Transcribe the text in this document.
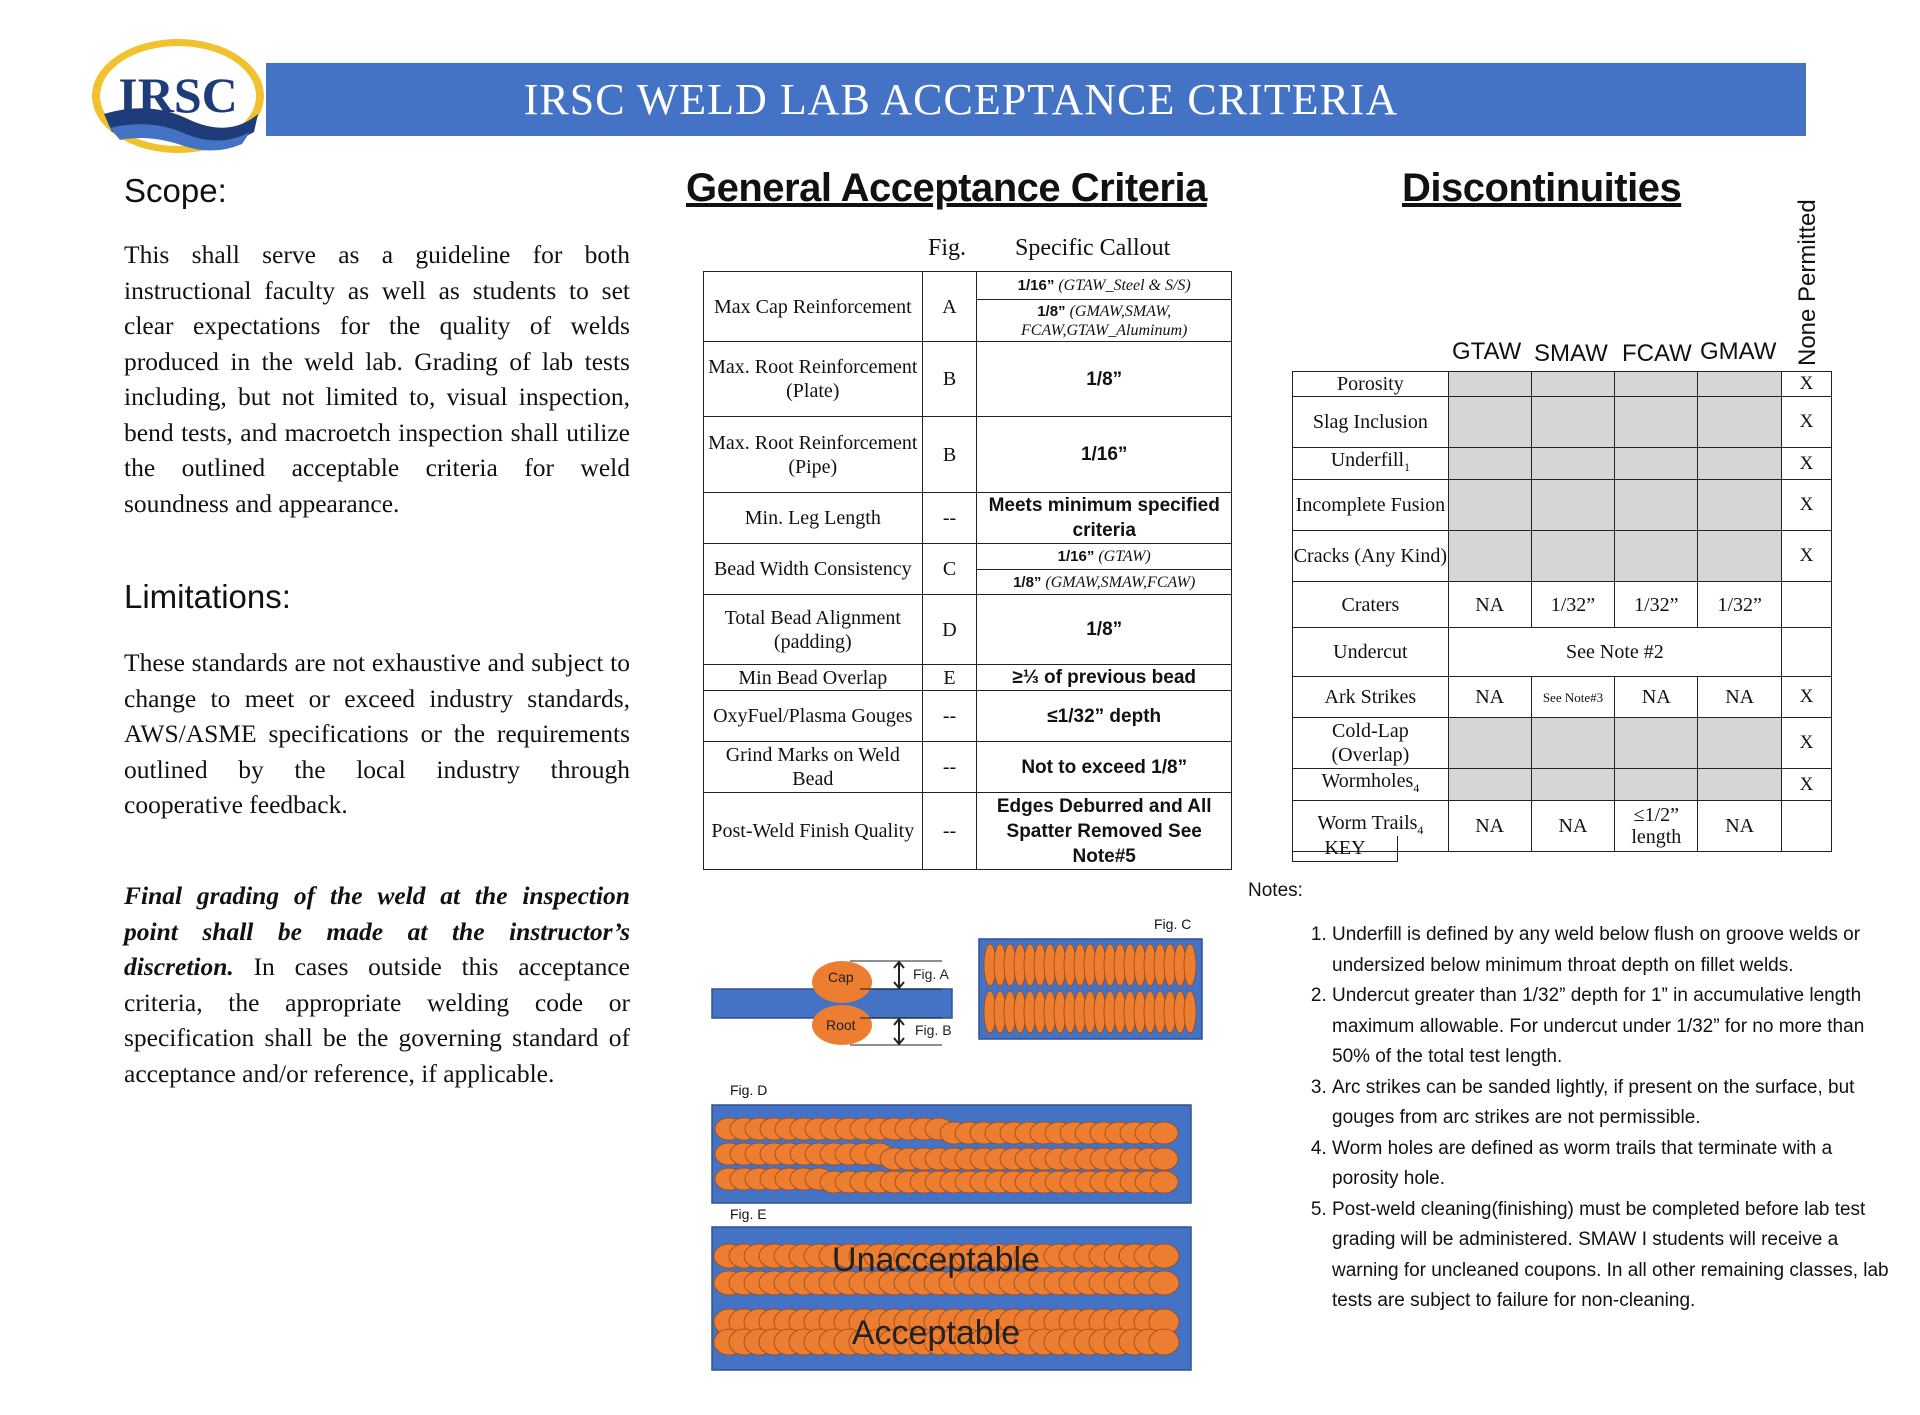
IRSC WELD LAB ACCEPTANCE CRITERIA
IRSC
Scope:
This shall serve as a guideline for both instructional faculty as well as students to set clear expectations for the quality of welds produced in the weld lab. Grading of lab tests including, but not limited to, visual inspection, bend tests, and macroetch inspection shall utilize the outlined acceptable criteria for weld soundness and appearance.
Limitations:
These standards are not exhaustive and subject to change to meet or exceed industry standards, AWS/ASME specifications or the requirements outlined by the local industry through cooperative feedback.
Final grading of the weld at the inspection point shall be made at the instructor’s discretion. In cases outside this acceptance criteria, the appropriate welding code or specification shall be the governing standard of acceptance and/or reference, if applicable.
General Acceptance Criteria
Fig. Specific Callout
Max Cap Reinforcement	A	1/16” (GTAW_Steel & S/S)
		1/8” (GMAW,SMAW, FCAW,GTAW_Aluminum)
Max. Root Reinforcement (Plate)	B	1/8”
Max. Root Reinforcement (Pipe)	B	1/16”
Min. Leg Length	--	Meets minimum specified criteria
Bead Width Consistency	C	1/16” (GTAW)
		1/8” (GMAW,SMAW,FCAW)
Total Bead Alignment (padding)	D	1/8”
Min Bead Overlap	E	≥⅓ of previous bead
OxyFuel/Plasma Gouges	--	≤1/32” depth
Grind Marks on Weld Bead	--	Not to exceed 1/8”
Post-Weld Finish Quality	--	Edges Deburred and All Spatter Removed See Note#5
Discontinuities
GTAW SMAW FCAW GMAW None Permitted
Porosity					X
Slag Inclusion					X
Underfill$_1$					X
Incomplete Fusion					X
Cracks (Any Kind)					X
Craters	NA	1/32”	1/32”	1/32”	
Undercut	See Note #2				
Ark Strikes	NA	See Note#3	NA	NA	X
Cold-Lap (Overlap)					X
Wormholes$_4$					X
Worm Trails$_4$	NA	NA	≤1/2” length	NA	
KEY
Notes:
1. Underfill is defined by any weld below flush on groove welds or undersized below minimum throat depth on fillet welds.
2. Undercut greater than 1/32” depth for 1” in accumulative length maximum allowable. For undercut under 1/32” for no more than 50% of the total test length.
3. Arc strikes can be sanded lightly, if present on the surface, but gouges from arc strikes are not permissible.
4. Worm holes are defined as worm trails that terminate with a porosity hole.
5. Post-weld cleaning(finishing) must be completed before lab test grading will be administered. SMAW I students will receive a warning for uncleaned coupons. In all other remaining classes, lab tests are subject to failure for non-cleaning.
Cap
Root
Fig. A
Fig. B
Fig. C
Fig. D
Fig. E
Unacceptable
Acceptable
